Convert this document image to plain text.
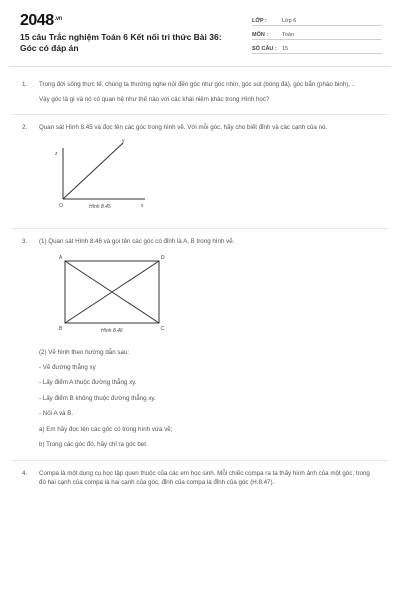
$2048^{.vn}$
15 câu Trắc nghiệm Toán 6 Kết nối tri thức Bài 36: Góc có đáp án
LỚP :	Lớp 6
MÔN :	Toán
SỐ CÂU : 15
1. Trong đời sống thực tế, chúng ta thường nghe nói đến góc như góc nhìn, góc sút (bóng đá), góc bắn (pháo binh), ..

Vậy góc là gì và nó có quan hệ như thế nào với các khái niệm khác trong Hình học?

2. Quan sát Hình 8.45 và đọc tên các góc trong hình vẽ. Với mỗi góc, hãy cho biết đỉnh và các cạnh của nó.

z
y
O	x
Hình 8.45
3. (1) Quan sát Hình 8.46 và gọi tên các góc có đỉnh là A, B trong hình vẽ.

A	D
B	C
Hình 8.46

(2) Vẽ hình theo hướng dẫn sau:

- Vẽ đường thẳng xy

- Lấy điểm A thuộc đường thẳng xy.

- Lấy điểm B không thuộc đường thẳng xy.

- Nối A và B.

a) Em hãy đọc tên các góc có trong hình vừa vẽ;

b) Trong các góc đó, hãy chỉ ra góc bẹt.

4. Compa là một dụng cụ học tập quen thuộc của các em học sinh. Mỗi chiếc compa ra ta thấy hình ảnh của một góc, trong đó hai cạnh của compa là hai cạnh của góc, đỉnh của compa là đỉnh của góc (H.8.47).
